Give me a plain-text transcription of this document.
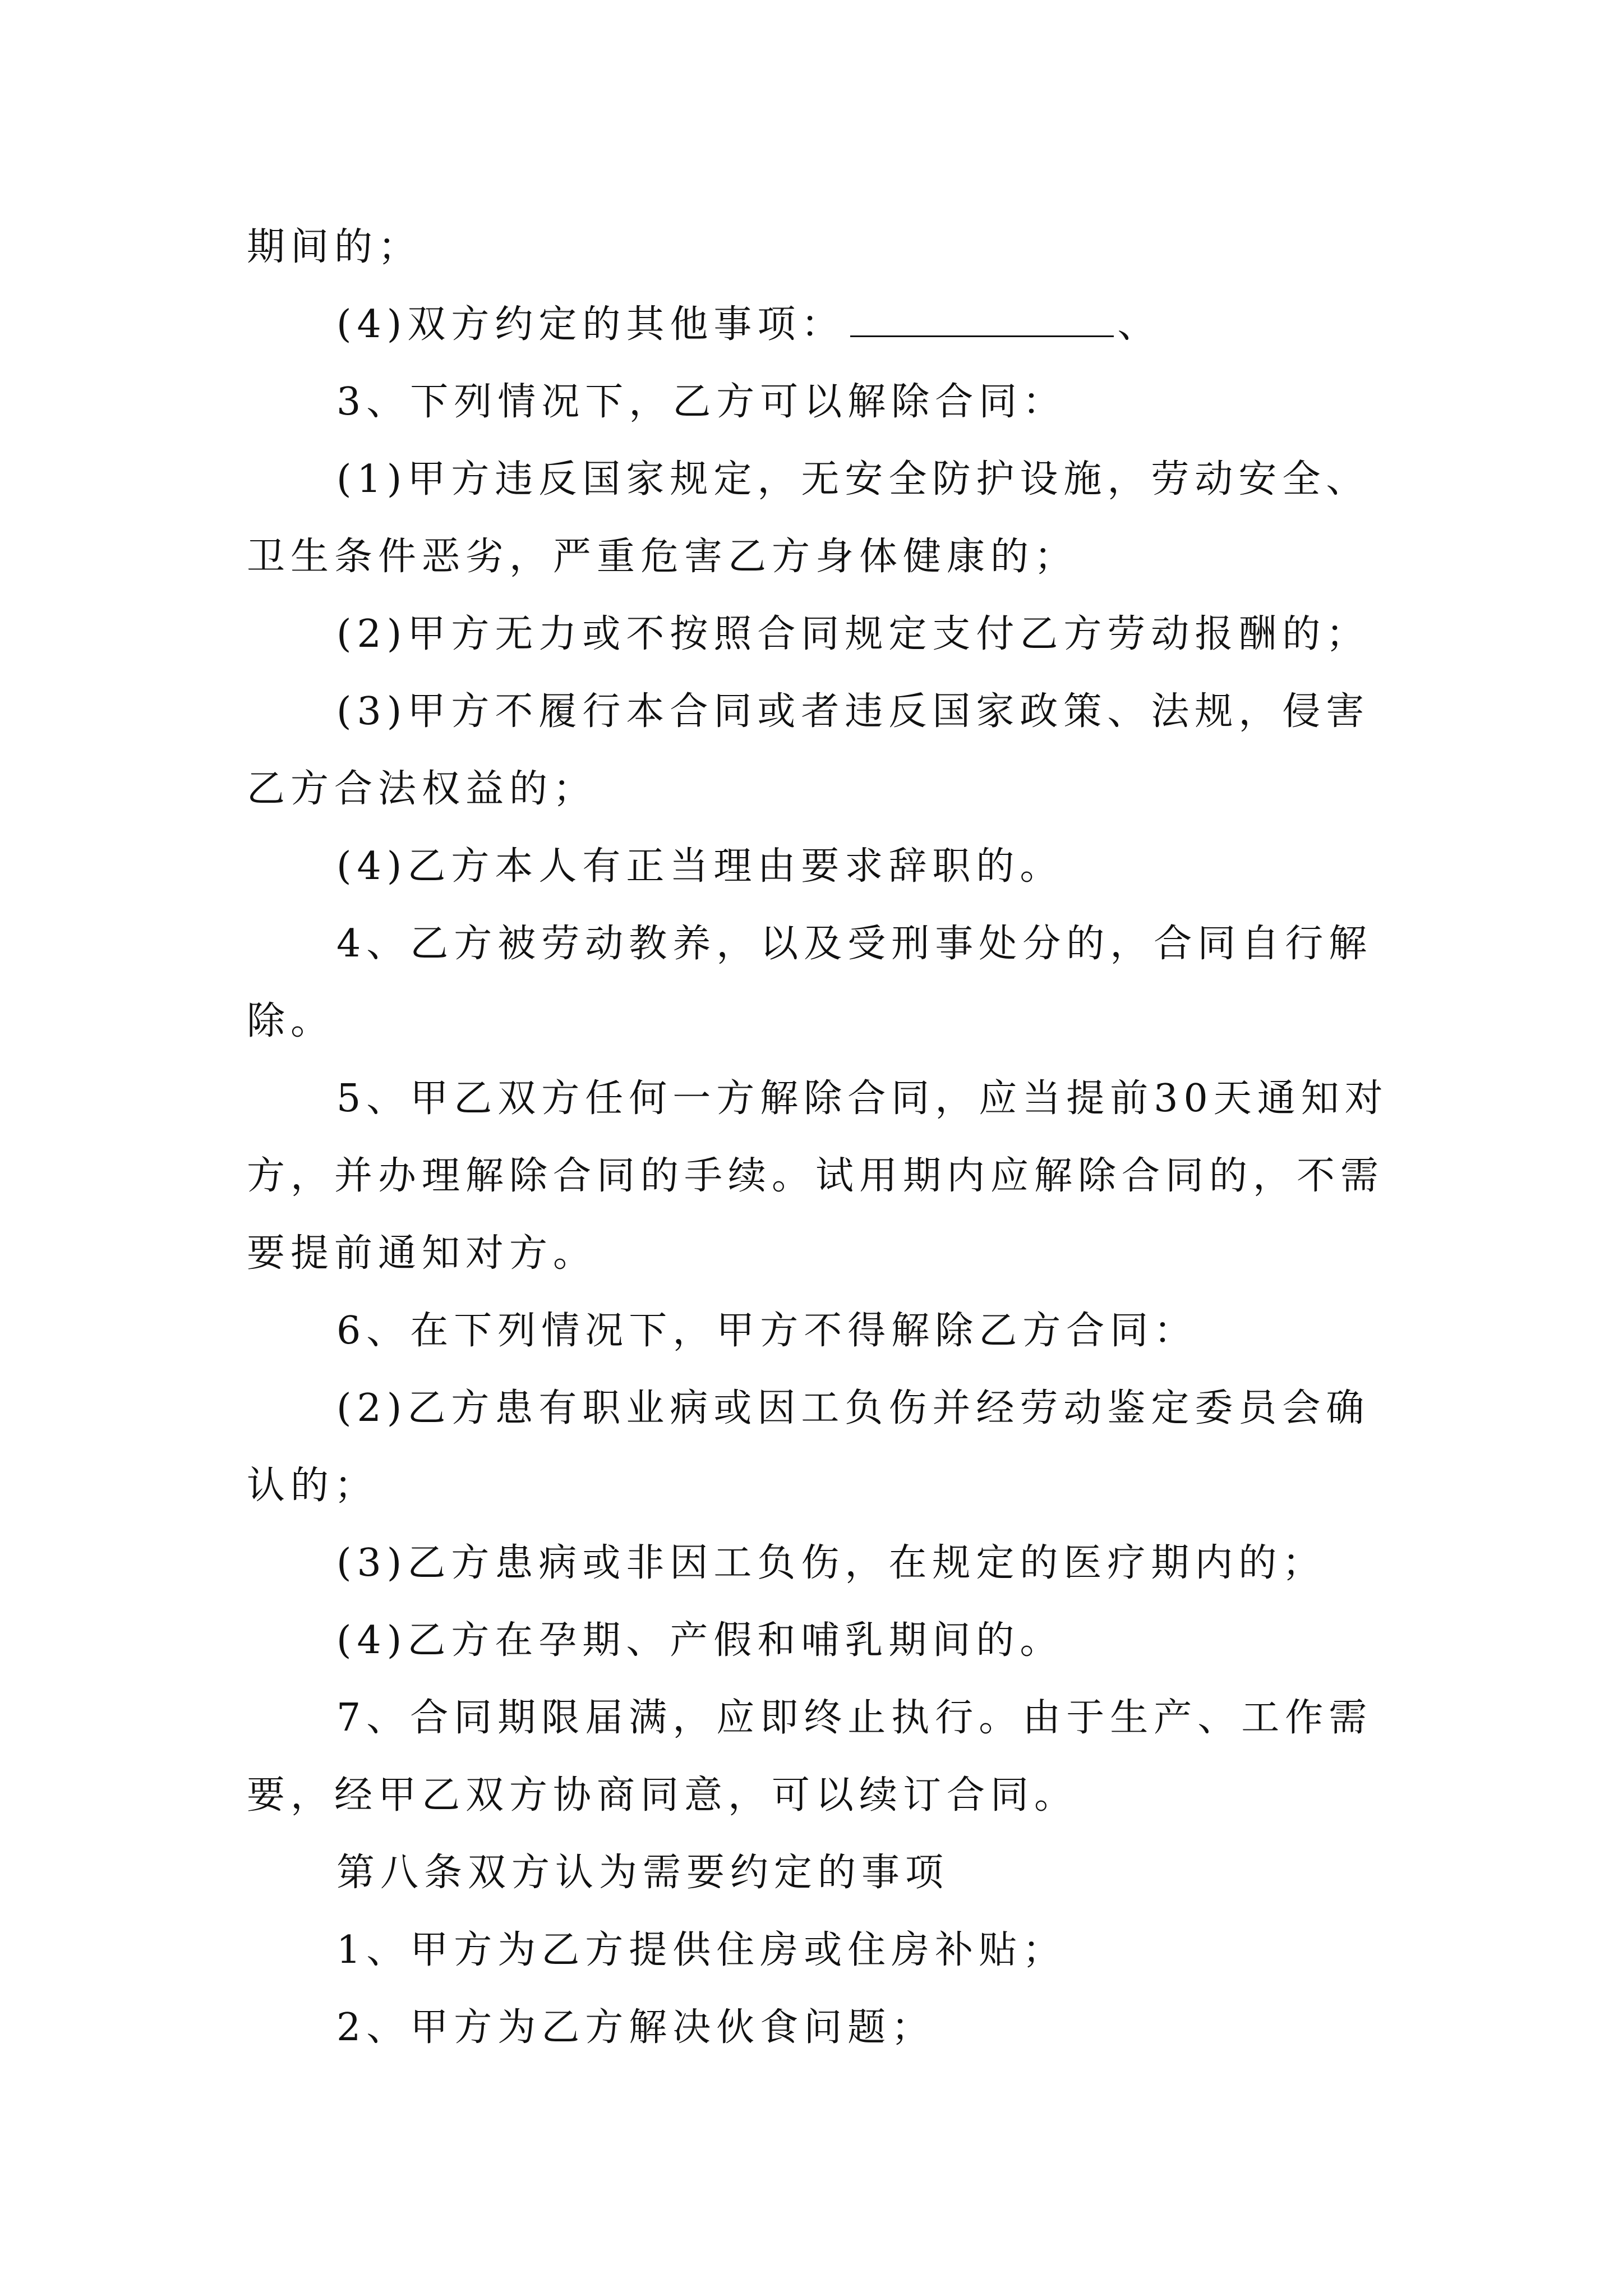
期间的；

(4)双方约定的其他事项：	、

3、下列情况下，乙方可以解除合同：

(1)甲方违反国家规定，无安全防护设施，劳动安全、卫生条件恶劣，严重危害乙方身体健康的；

(2)甲方无力或不按照合同规定支付乙方劳动报酬的；

(3)甲方不履行本合同或者违反国家政策、法规，侵害乙方合法权益的；

(4)乙方本人有正当理由要求辞职的。

4、乙方被劳动教养，以及受刑事处分的，合同自行解除。

5、甲乙双方任何一方解除合同，应当提前30天通知对方，并办理解除合同的手续。试用期内应解除合同的，不需要提前通知对方。

6、在下列情况下，甲方不得解除乙方合同：

(2)乙方患有职业病或因工负伤并经劳动鉴定委员会确认的；

(3)乙方患病或非因工负伤，在规定的医疗期内的；

(4)乙方在孕期、产假和哺乳期间的。

7、合同期限届满，应即终止执行。由于生产、工作需要，经甲乙双方协商同意，可以续订合同。

第八条双方认为需要约定的事项

1、甲方为乙方提供住房或住房补贴；

2、甲方为乙方解决伙食问题；
